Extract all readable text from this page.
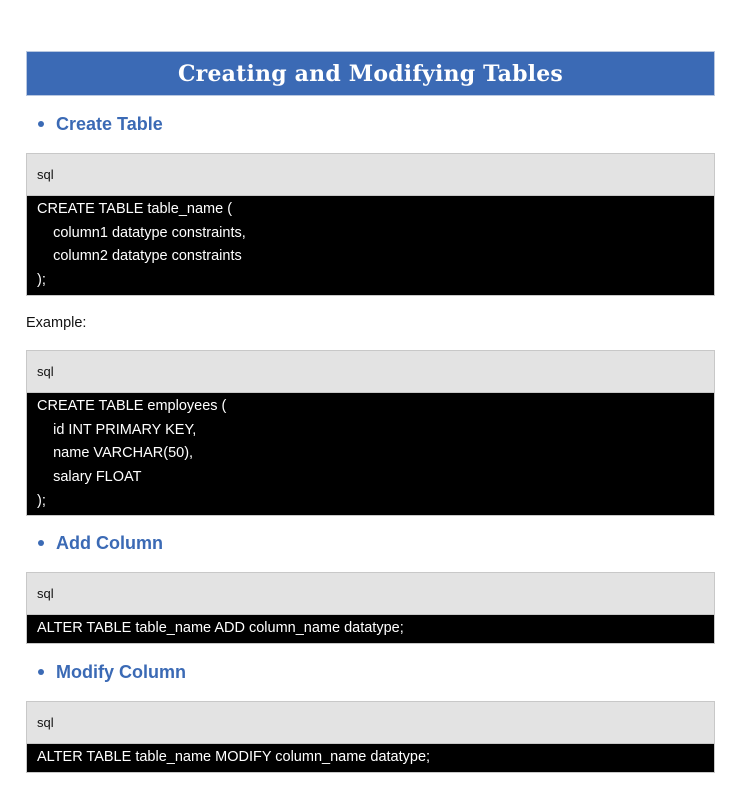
Creating and Modifying Tables
Create Table
sql
CREATE TABLE table_name (
column1 datatype constraints,
column2 datatype constraints
);
Example:
sql
CREATE TABLE employees (
id INT PRIMARY KEY,
name VARCHAR(50),
salary FLOAT
);
Add Column
sql
ALTER TABLE table_name ADD column_name datatype;
Modify Column
sql
ALTER TABLE table_name MODIFY column_name datatype;
